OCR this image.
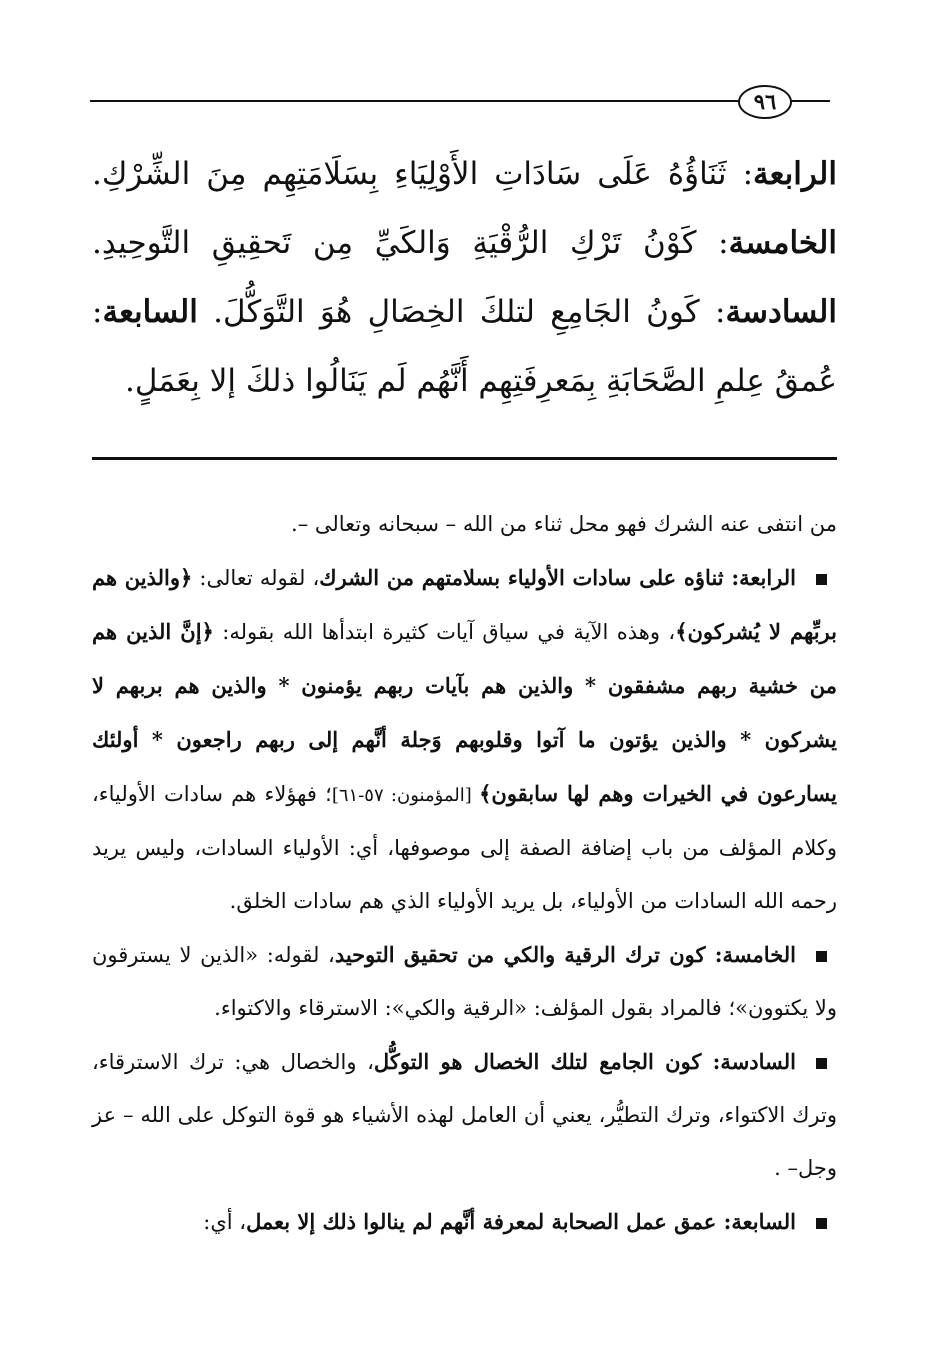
٩٦

الرابعة: ثَنَاؤُهُ عَلَى سَادَاتِ الأَوْلِيَاءِ بِسَلَامَتِهِم مِنَ الشِّرْكِ. الخامسة: كَوْنُ تَرْكِ الرُّقْيَةِ وَالكَيِّ مِن تَحقِيقِ التَّوحِيدِ. السادسة: كَونُ الجَامِعِ لتلكَ الخِصَالِ هُوَ التَّوَكُّلَ. السابعة: عُمقُ عِلمِ الصَّحَابَةِ بِمَعرِفَتِهِم أَنَّهُم لَم يَنَالُوا ذلكَ إلا بِعَمَلٍ.

من انتفى عنه الشرك فهو محل ثناء من الله – سبحانه وتعالى –.

الرابعة: ثناؤه على سادات الأولياء بسلامتهم من الشرك، لقوله تعالى: ﴿والذين هم بربِّهم لا يُشركون﴾، وهذه الآية في سياق آيات كثيرة ابتدأها الله بقوله: ﴿إنَّ الذين هم من خشية ربهم مشفقون * والذين هم بآيات ربهم يؤمنون * والذين هم بربهم لا يشركون * والذين يؤتون ما آتوا وقلوبهم وَجلة أنَّهم إلى ربهم راجعون * أولئك يسارعون في الخيرات وهم لها سابقون﴾ [المؤمنون: ٥٧-٦١]؛ فهؤلاء هم سادات الأولياء، وكلام المؤلف من باب إضافة الصفة إلى موصوفها، أي: الأولياء السادات، وليس يريد رحمه الله السادات من الأولياء، بل يريد الأولياء الذي هم سادات الخلق.

الخامسة: كون ترك الرقية والكي من تحقيق التوحيد، لقوله: «الذين لا يسترقون ولا يكتوون»؛ فالمراد بقول المؤلف: «الرقية والكي»: الاسترقاء والاكتواء.

السادسة: كون الجامع لتلك الخصال هو التوكُّل، والخصال هي: ترك الاسترقاء، وترك الاكتواء، وترك التطيُّر، يعني أن العامل لهذه الأشياء هو قوة التوكل على الله – عز وجل– .

السابعة: عمق عمل الصحابة لمعرفة أنَّهم لم ينالوا ذلك إلا بعمل، أي:
